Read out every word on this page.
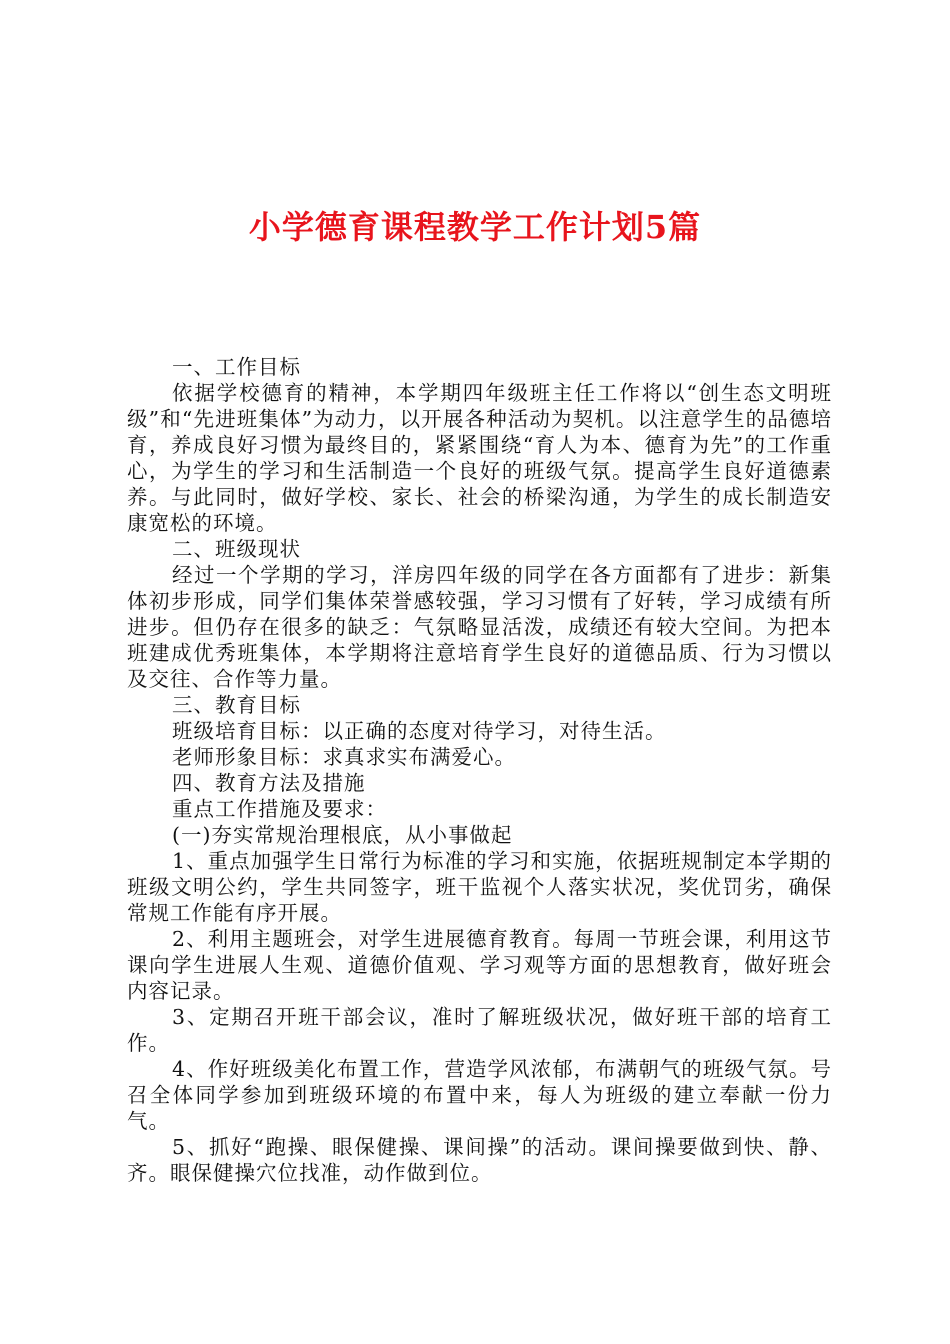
小学德育课程教学工作计划5篇

一、工作目标

依据学校德育的精神，本学期四年级班主任工作将以“创生态文明班级”和“先进班集体”为动力，以开展各种活动为契机。以注意学生的品德培育，养成良好习惯为最终目的，紧紧围绕“育人为本、德育为先”的工作重心，为学生的学习和生活制造一个良好的班级气氛。提高学生良好道德素养。与此同时，做好学校、家长、社会的桥梁沟通，为学生的成长制造安康宽松的环境。

二、班级现状

经过一个学期的学习，洋房四年级的同学在各方面都有了进步：新集体初步形成，同学们集体荣誉感较强，学习习惯有了好转，学习成绩有所进步。但仍存在很多的缺乏：气氛略显活泼，成绩还有较大空间。为把本班建成优秀班集体，本学期将注意培育学生良好的道德品质、行为习惯以及交往、合作等力量。

三、教育目标

班级培育目标：以正确的态度对待学习，对待生活。

老师形象目标：求真求实布满爱心。

四、教育方法及措施

重点工作措施及要求：

(一)夯实常规治理根底，从小事做起

1、重点加强学生日常行为标准的学习和实施，依据班规制定本学期的班级文明公约，学生共同签字，班干监视个人落实状况，奖优罚劣，确保常规工作能有序开展。

2、利用主题班会，对学生进展德育教育。每周一节班会课，利用这节课向学生进展人生观、道德价值观、学习观等方面的思想教育，做好班会内容记录。

3、定期召开班干部会议，准时了解班级状况，做好班干部的培育工作。

4、作好班级美化布置工作，营造学风浓郁，布满朝气的班级气氛。号召全体同学参加到班级环境的布置中来，每人为班级的建立奉献一份力气。

5、抓好“跑操、眼保健操、课间操”的活动。课间操要做到快、静、齐。眼保健操穴位找准，动作做到位。
